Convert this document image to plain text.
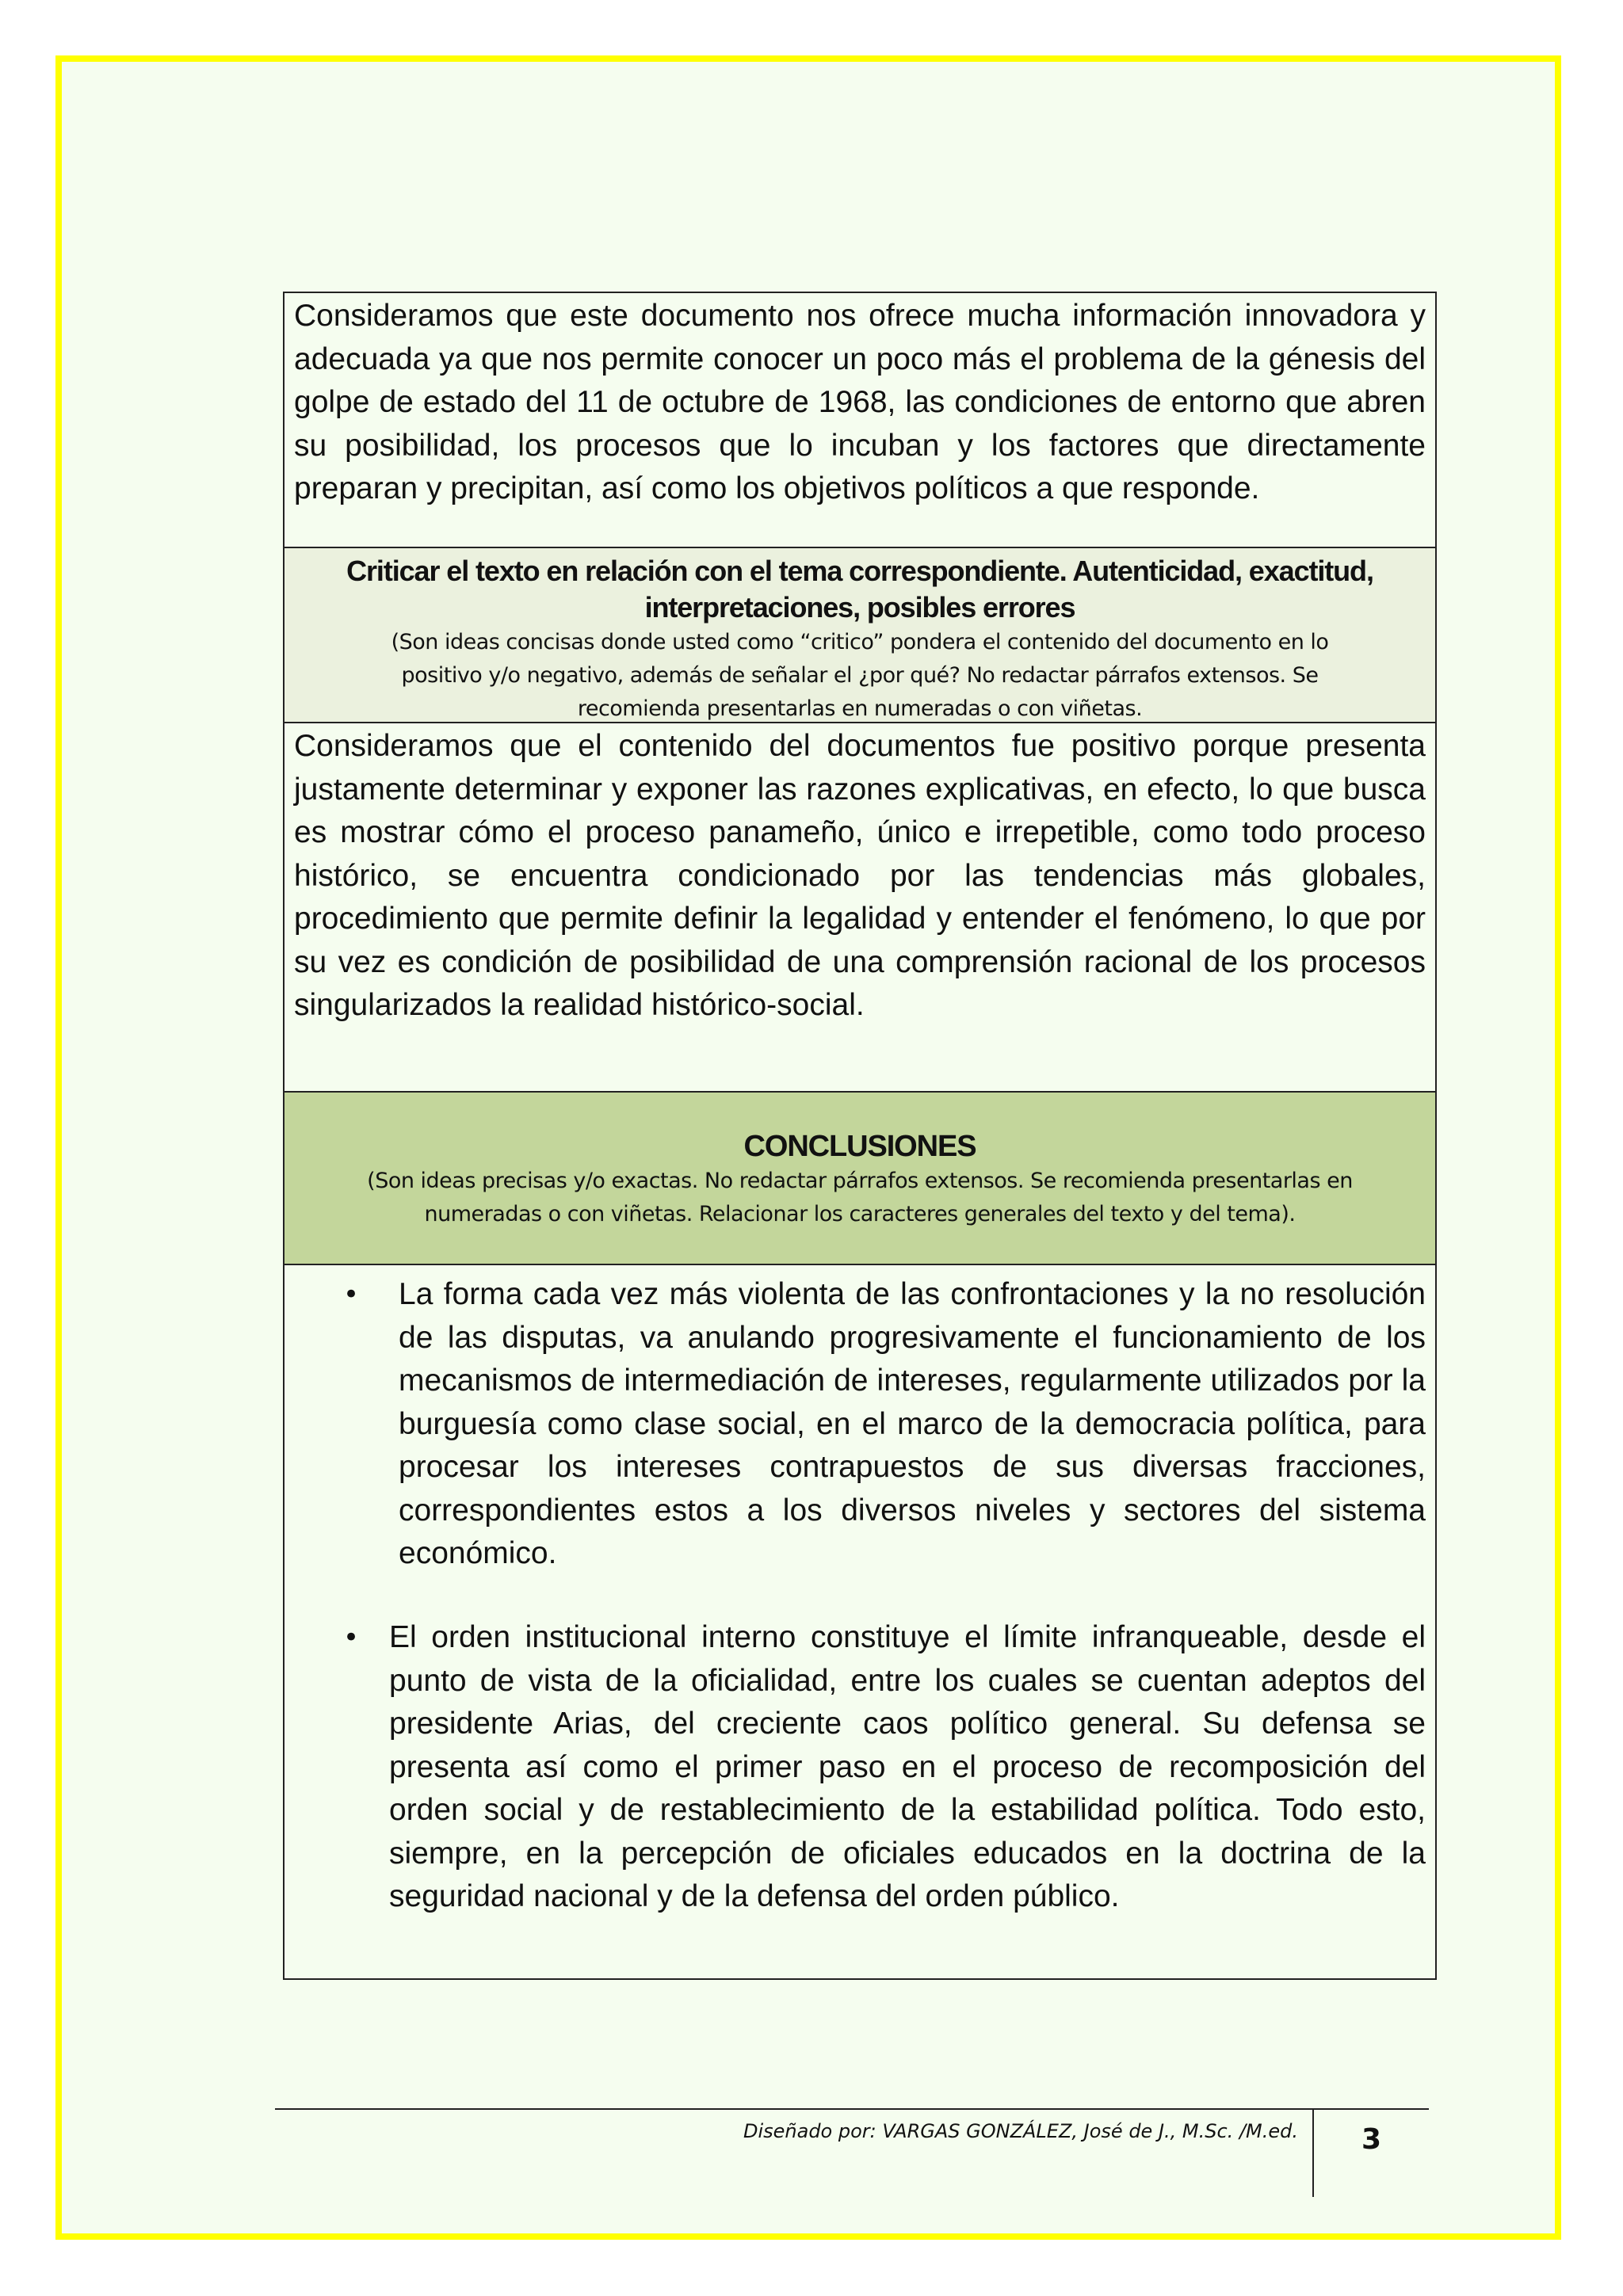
Consideramos que este documento nos ofrece mucha información innovadora y adecuada ya que nos permite conocer un poco más el problema de la génesis del golpe de estado del 11 de octubre de 1968, las condiciones de entorno que abren su posibilidad, los procesos que lo incuban y los factores que directamente preparan y precipitan, así como los objetivos políticos a que responde.

Criticar el texto en relación con el tema correspondiente. Autenticidad, exactitud,

interpretaciones, posibles errores

(Son ideas concisas donde usted como “critico” pondera el contenido del documento en lo

positivo y/o negativo, además de señalar el ¿por qué? No redactar párrafos extensos. Se

recomienda presentarlas en numeradas o con viñetas.

Consideramos que el contenido del documentos fue positivo porque presenta justamente determinar y exponer las razones explicativas, en efecto, lo que busca es mostrar cómo el proceso panameño, único e irrepetible, como todo proceso histórico, se encuentra condicionado por las tendencias más globales, procedimiento que permite definir la legalidad y entender el fenómeno, lo que por su vez es condición de posibilidad de una comprensión racional de los procesos singularizados la realidad histórico-social.

CONCLUSIONES

(Son ideas precisas y/o exactas. No redactar párrafos extensos. Se recomienda presentarlas en

numeradas o con viñetas. Relacionar los caracteres generales del texto y del tema).

• La forma cada vez más violenta de las confrontaciones y la no resolución de las disputas, va anulando progresivamente el funcionamiento de los mecanismos de intermediación de intereses, regularmente utilizados por la burguesía como clase social, en el marco de la democracia política, para procesar los intereses contrapuestos de sus diversas fracciones, correspondientes estos a los diversos niveles y sectores del sistema económico.

• El orden institucional interno constituye el límite infranqueable, desde el punto de vista de la oficialidad, entre los cuales se cuentan adeptos del presidente Arias, del creciente caos político general. Su defensa se presenta así como el primer paso en el proceso de recomposición del orden social y de restablecimiento de la estabilidad política. Todo esto, siempre, en la percepción de oficiales educados en la doctrina de la seguridad nacional y de la defensa del orden público.

Diseñado por: VARGAS GONZÁLEZ, José de J., M.Sc. /M.ed. 3
